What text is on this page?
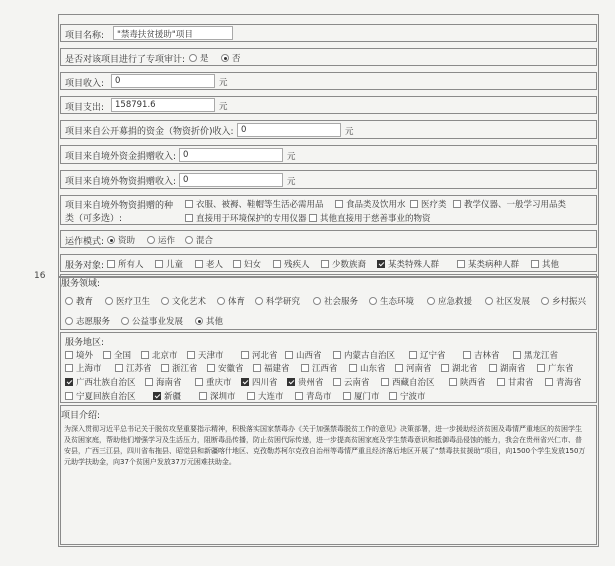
16
项目名称:	"禁毒扶贫援助"项目
是否对该项目进行了专项审计: 是	否
项目收入:	0	元
项目支出:	158791.6	元
项目来自公开募捐的资金（物资折价)收入: 0	元
项目来自境外资金捐赠收入: 0	元
项目来自境外物资捐赠收入: 0	元
项目来自境外物资捐赠的种
类（可多选）:
衣服、被褥、鞋帽等生活必需用品	食品类及饮用水 医疗类 教学仪器、一般学习用品类
直接用于环境保护的专用仪器 其他直接用于慈善事业的物资
运作模式: 资助	运作 混合
服务对象: 所有人	儿童	老人 妇女	残疾人	少数族裔	某类特殊人群	某类病种人群	其他
服务领域:
教育	医疗卫生	文化艺术	体育 科学研究	社会服务	生态环境	应急救援	社区发展	乡村振兴
志愿服务	公益事业发展	其他
服务地区:
境外 全国 北京市 天津市	河北省 山西省	内蒙古自治区	辽宁省	吉林省	黑龙江省
上海市	江苏省 浙江省 安徽省 福建省	江西省	山东省 河南省 湖北省	湖南省	广东省
广西壮族自治区 海南省	重庆市 四川省 贵州省 云南省	西藏自治区	陕西省	甘肃省	青海省
宁夏回族自治区	新疆	深圳市	大连市	青岛市	厦门市 宁波市
项目介绍:
为深入贯彻习近平总书记关于脱贫攻坚重要指示精神，积极落实国家禁毒办《关于加强禁毒脱贫工作的意见》决策部署，进一步援助经济贫困及毒情严重地区的贫困学生及贫困家庭，帮助他们增强学习及生活压力，阻断毒品传播，防止贫困代际传递，进一步提高贫困家庭及学生禁毒意识和抵御毒品侵蚀的能力，我会在贵州省兴仁市、普安县，广西三江县，四川省布拖县、昭觉县和新疆喀什地区、克孜勒苏柯尔克孜自治州等毒情严重且经济落后地区开展了“禁毒扶贫援助”项目，向1500个学生发放150万元助学扶助金，向37个贫困户发放37万元困难扶助金。
